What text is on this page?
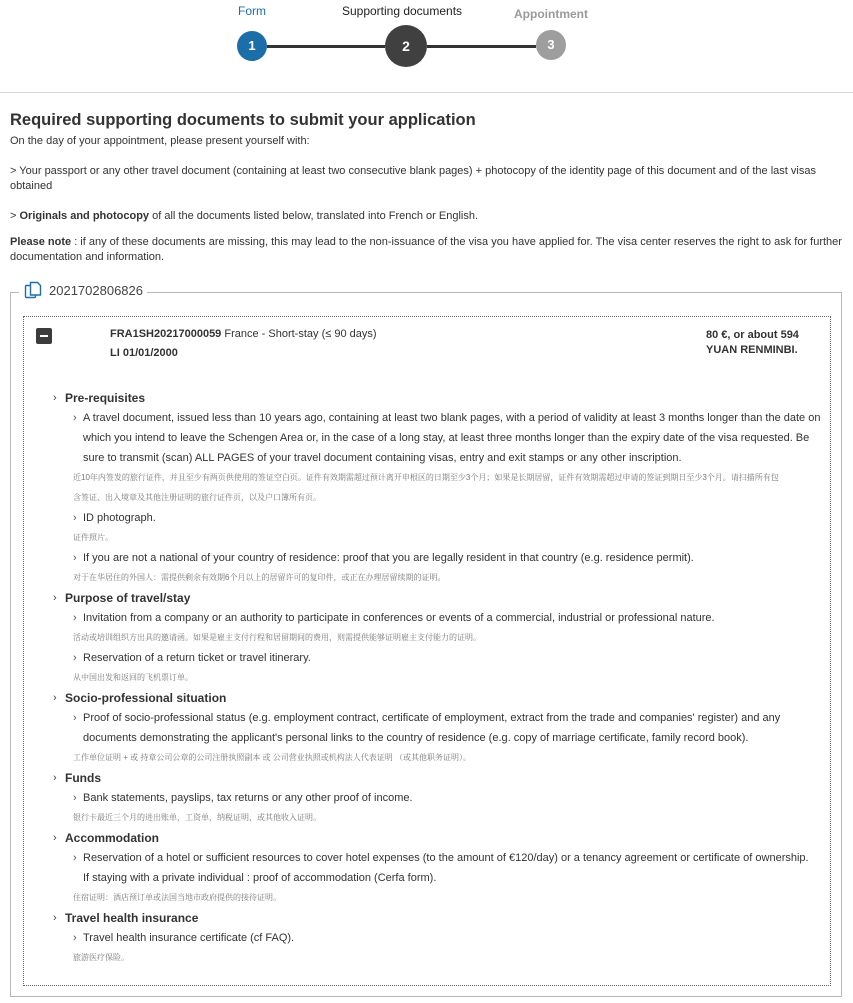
Form	Supporting documents	Appointment
1	2	3
Required supporting documents to submit your application

On the day of your appointment, please present yourself with:

> Your passport or any other travel document (containing at least two consecutive blank pages) + photocopy of the identity page of this document and of the last visas obtained

> Originals and photocopy of all the documents listed below, translated into French or English.

Please note : if any of these documents are missing, this may lead to the non-issuance of the visa you have applied for. The visa center reserves the right to ask for further documentation and information.

2021702806826
FRA1SH20217000059 France - Short-stay (≤ 90 days)
LI 01/01/2000
80 €, or about 594
YUAN RENMINBI.
› Pre-requisites
› A travel document, issued less than 10 years ago, containing at least two blank pages, with a period of validity at least 3 months longer than the date on
which you intend to leave the Schengen Area or, in the case of a long stay, at least three months longer than the expiry date of the visa requested. Be
sure to transmit (scan) ALL PAGES of your travel document containing visas, entry and exit stamps or any other inscription.
近10年内签发的旅行证件，并且至少有两页供使用的签证空白页。证件有效期需超过预计离开申根区的日期至少3个月；如果是长期居留，证件有效期需超过申请的签证到期日至少3个月。请扫描所有包
含签证、出入境章及其他注册证明的旅行证件页，以及户口簿所有页。
› ID photograph.
证件照片。
› If you are not a national of your country of residence: proof that you are legally resident in that country (e.g. residence permit).
对于在华居住的外国人：需提供剩余有效期6个月以上的居留许可的复印件，或正在办理居留续期的证明。
› Purpose of travel/stay
› Invitation from a company or an authority to participate in conferences or events of a commercial, industrial or professional nature.
活动或培训组织方出具的邀请函。如果是雇主支付行程和居留期间的费用，则需提供能够证明雇主支付能力的证明。
› Reservation of a return ticket or travel itinerary.
从中国出发和返回的飞机票订单。
› Socio-professional situation
› Proof of socio-professional status (e.g. employment contract, certificate of employment, extract from the trade and companies' register) and any
documents demonstrating the applicant's personal links to the country of residence (e.g. copy of marriage certificate, family record book).
工作单位证明 + 或 持章公司公章的公司注册执照副本 或 公司营业执照或机构法人代表证明 （或其他职务证明）。
› Funds
› Bank statements, payslips, tax returns or any other proof of income.
银行卡最近三个月的进出账单，工资单，纳税证明，或其他收入证明。
› Accommodation
› Reservation of a hotel or sufficient resources to cover hotel expenses (to the amount of €120/day) or a tenancy agreement or certificate of ownership.
If staying with a private individual : proof of accommodation (Cerfa form).
住宿证明：酒店预订单或法国当地市政府提供的接待证明。
› Travel health insurance
› Travel health insurance certificate (cf FAQ).
旅游医疗保险。
